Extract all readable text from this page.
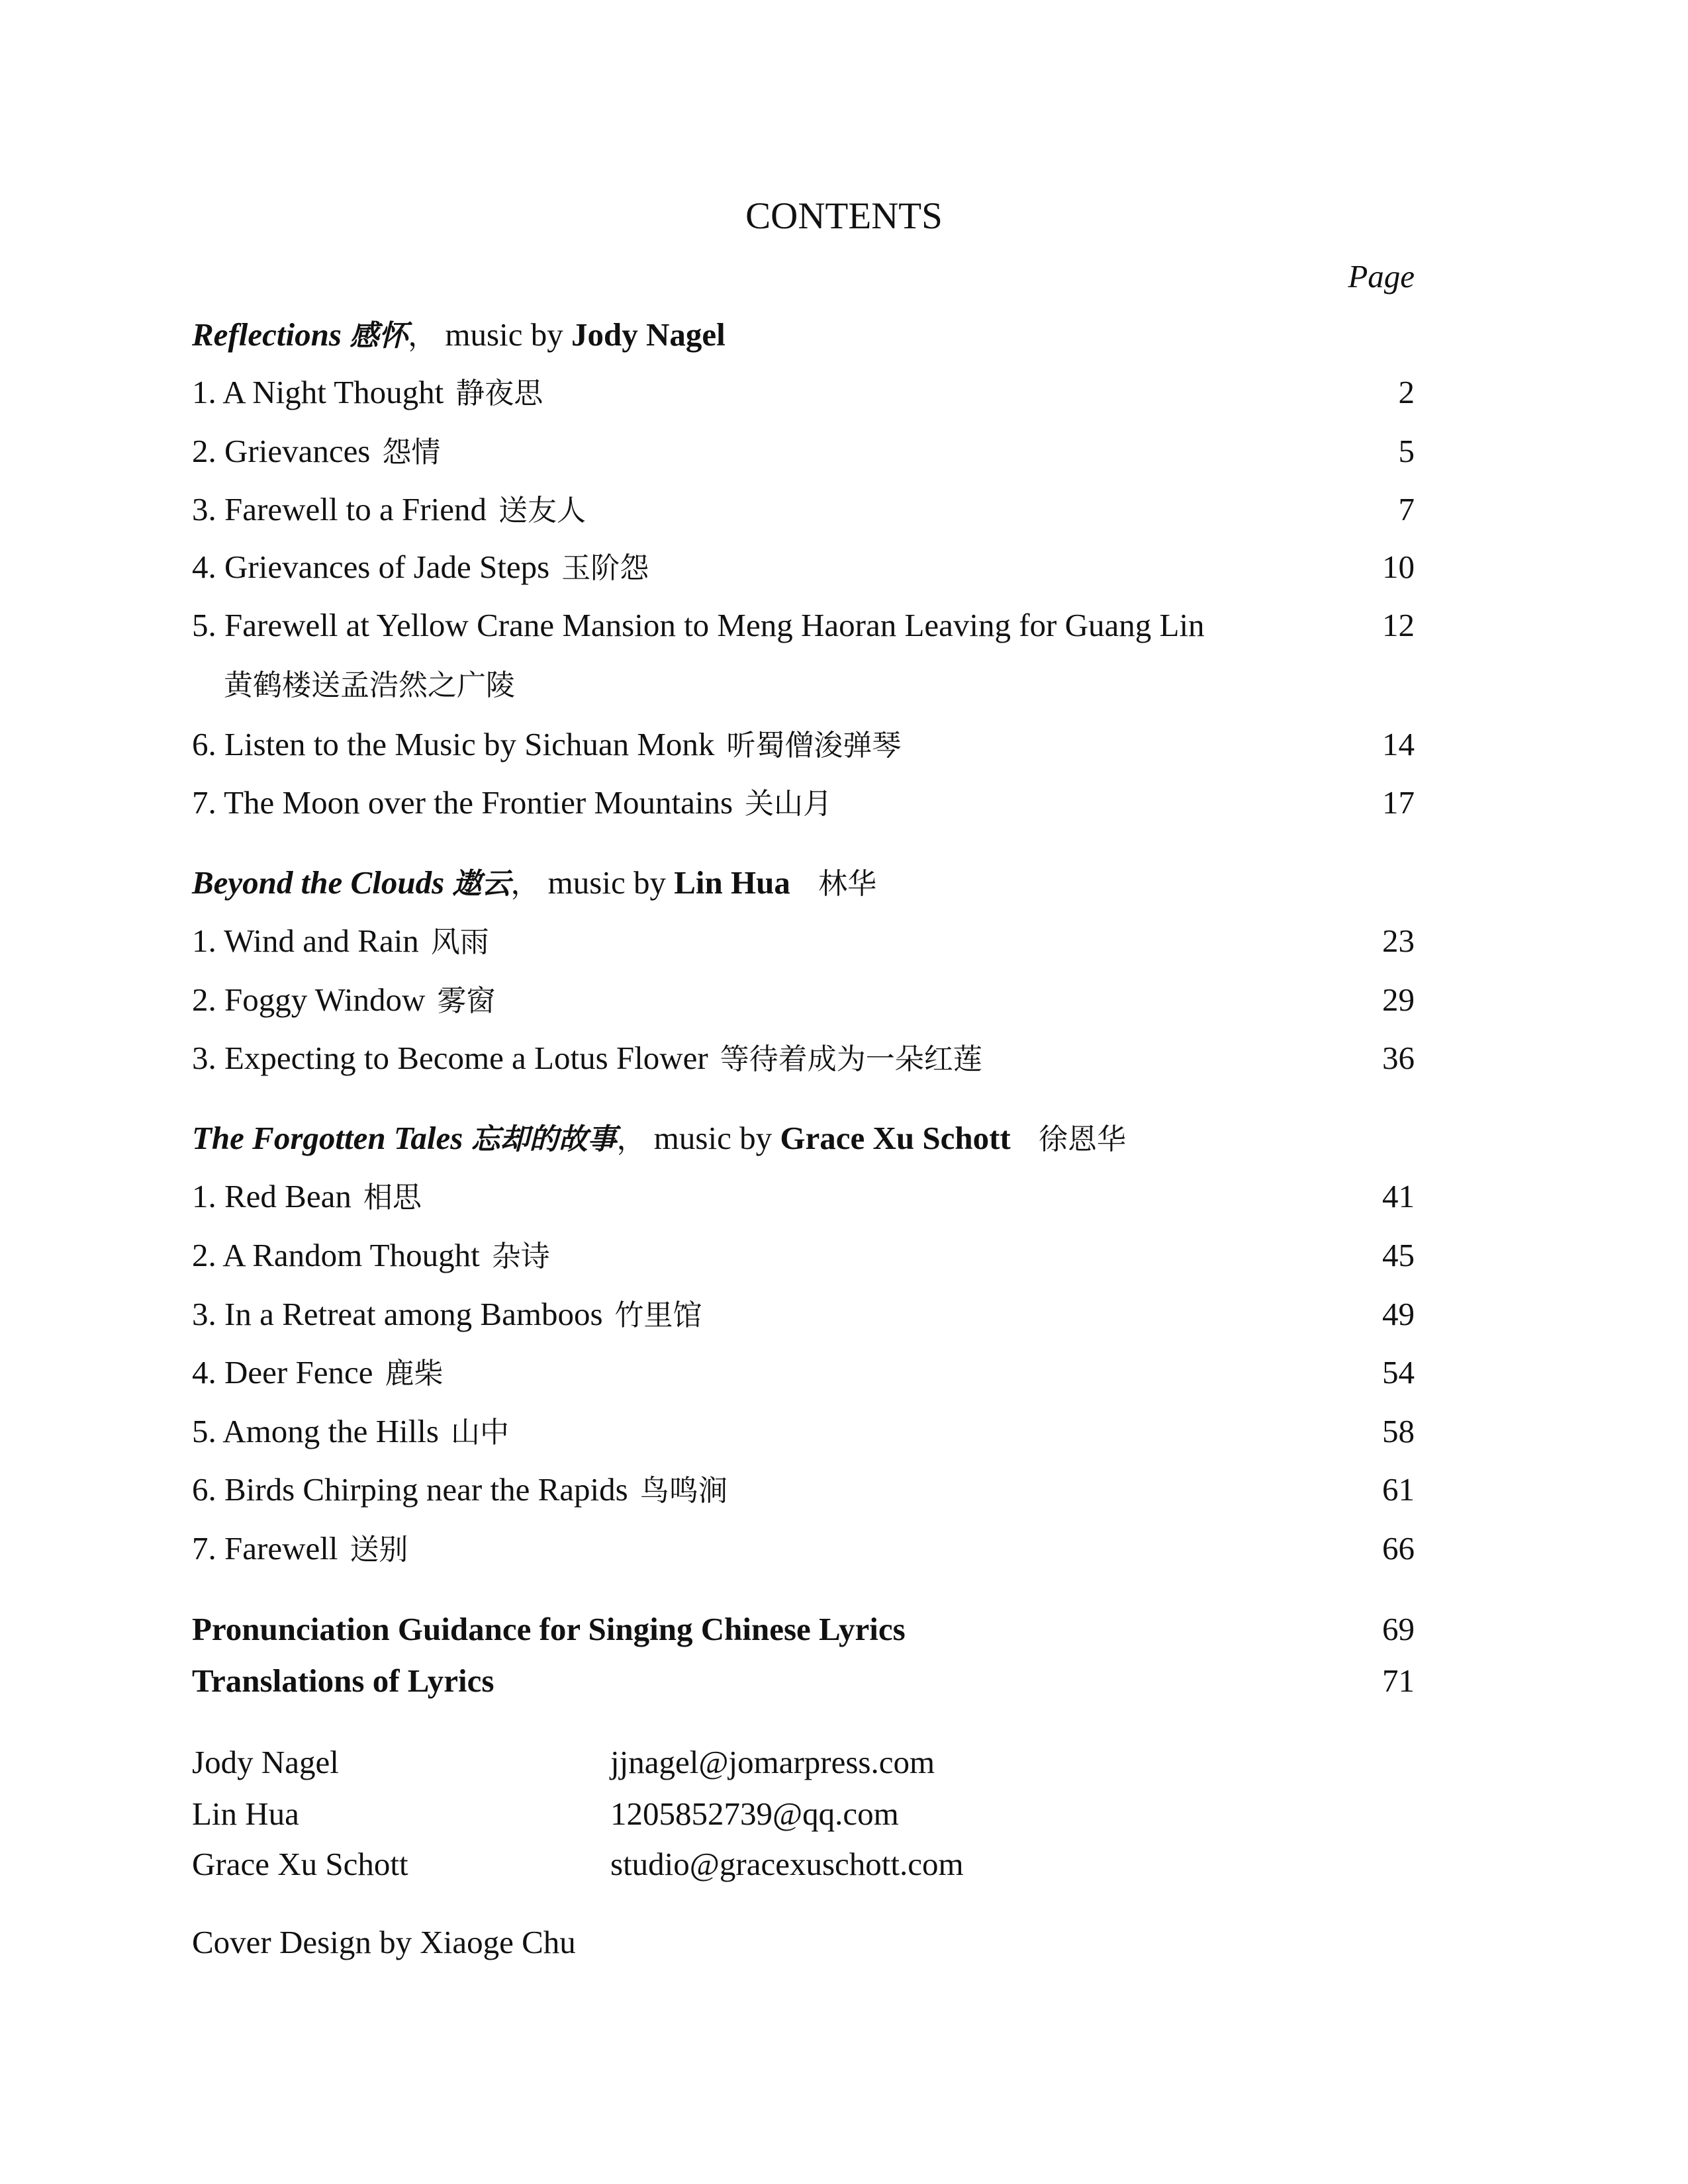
CONTENTS
Page
Reflections 感怀， music by Jody Nagel
1. A Night Thought 静夜思	2
2. Grievances 怨情	5
3. Farewell to a Friend 送友人	7
4. Grievances of Jade Steps 玉阶怨	10
5. Farewell at Yellow Crane Mansion to Meng Haoran Leaving for Guang Lin	12
黄鹤楼送孟浩然之广陵
6. Listen to the Music by Sichuan Monk 听蜀僧浚弹琴	14
7. The Moon over the Frontier Mountains 关山月	17
Beyond the Clouds 遨云， music by Lin Hua 林华
1. Wind and Rain 风雨	23
2. Foggy Window 雾窗	29
3. Expecting to Become a Lotus Flower 等待着成为一朵红莲	36
The Forgotten Tales 忘却的故事， music by Grace Xu Schott 徐恩华
1. Red Bean 相思	41
2. A Random Thought 杂诗	45
3. In a Retreat among Bamboos 竹里馆	49
4. Deer Fence 鹿柴	54
5. Among the Hills 山中	58
6. Birds Chirping near the Rapids 鸟鸣涧	61
7. Farewell 送别	66
Pronunciation Guidance for Singing Chinese Lyrics	69
Translations of Lyrics	71
Jody Nagel	jjnagel@jomarpress.com
Lin Hua	1205852739@qq.com
Grace Xu Schott	studio@gracexuschott.com
Cover Design by Xiaoge Chu
